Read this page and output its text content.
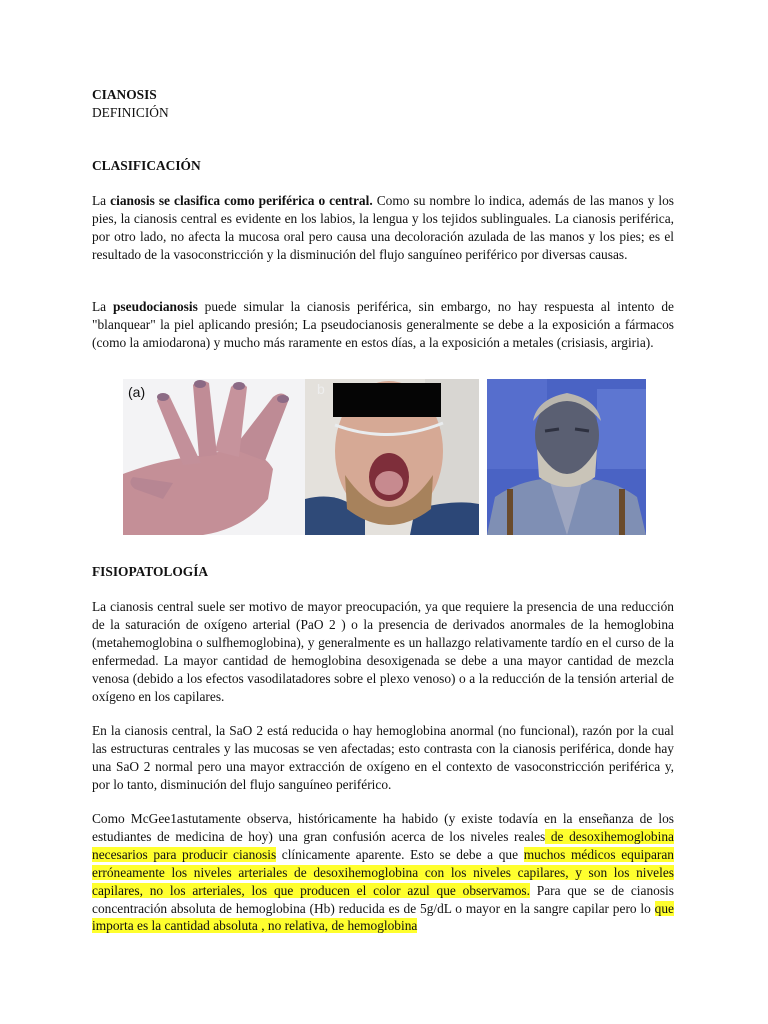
CIANOSIS

DEFINICIÓN

CLASIFICACIÓN

La cianosis se clasifica como periférica o central. Como su nombre lo indica, además de las manos y los pies, la cianosis central es evidente en los labios, la lengua y los tejidos sublinguales. La cianosis periférica, por otro lado, no afecta la mucosa oral pero causa una decoloración azulada de las manos y los pies; es el resultado de la vasoconstricción y la disminución del flujo sanguíneo periférico por diversas causas.

La pseudocianosis puede simular la cianosis periférica, sin embargo, no hay respuesta al intento de "blanquear" la piel aplicando presión; La pseudocianosis generalmente se debe a la exposición a fármacos (como la amiodarona) y mucho más raramente en estos días, a la exposición a metales (crisiasis, argiria).

(a)	b

FISIOPATOLOGÍA

La cianosis central suele ser motivo de mayor preocupación, ya que requiere la presencia de una reducción de la saturación de oxígeno arterial (PaO 2 ) o la presencia de derivados anormales de la hemoglobina (metahemoglobina o sulfhemoglobina), y generalmente es un hallazgo relativamente tardío en el curso de la enfermedad. La mayor cantidad de hemoglobina desoxigenada se debe a una mayor cantidad de mezcla venosa (debido a los efectos vasodilatadores sobre el plexo venoso) o a la reducción de la tensión arterial de oxígeno en los capilares.

En la cianosis central, la SaO 2 está reducida o hay hemoglobina anormal (no funcional), razón por la cual las estructuras centrales y las mucosas se ven afectadas; esto contrasta con la cianosis periférica, donde hay una SaO 2 normal pero una mayor extracción de oxígeno en el contexto de vasoconstricción periférica y, por lo tanto, disminución del flujo sanguíneo periférico.

Como McGee1astutamente observa, históricamente ha habido (y existe todavía en la enseñanza de los estudiantes de medicina de hoy) una gran confusión acerca de los niveles reales de desoxihemoglobina necesarios para producir cianosis clínicamente aparente. Esto se debe a que muchos médicos equiparan erróneamente los niveles arteriales de desoxihemoglobina con los niveles capilares, y son los niveles capilares, no los arteriales, los que producen el color azul que observamos. Para que se de cianosis concentración absoluta de hemoglobina (Hb) reducida es de 5g/dL o mayor en la sangre capilar pero lo que importa es la cantidad absoluta , no relativa, de hemoglobina
